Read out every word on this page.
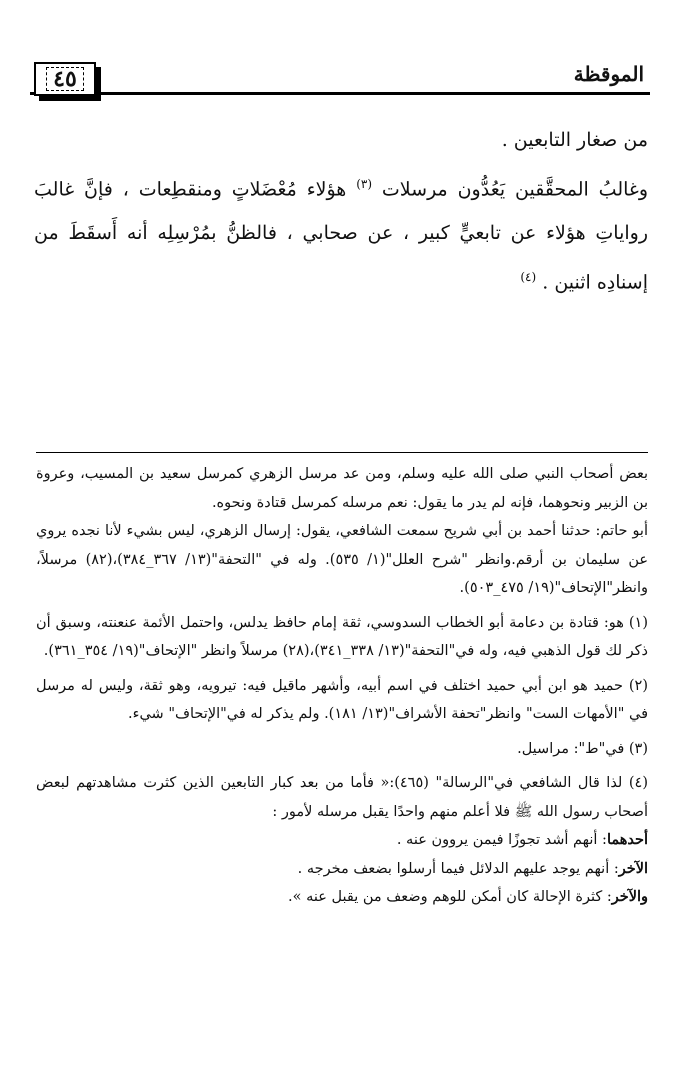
٤٥	الموقظة

من صغار التابعين .

وغالبُ المحقَّقين يَعُدُّون مرسلات $^{(٣)}$ هؤلاء مُعْضَلاتٍ ومنقطِعات ، فإنَّ غالبَ رواياتِ هؤلاء عن تابعيٍّ كبير ، عن صحابي ، فالظنُّ بمُرْسِلِه أنه أَسقَطَ من إسنادِه اثنين . $^{(٤)}$

بعض أصحاب النبي صلى الله عليه وسلم، ومن عد مرسل الزهري كمرسل سعيد بن المسيب، وعروة بن الزبير ونحوهما، فإنه لم يدر ما يقول: نعم مرسله كمرسل قتادة ونحوه.

أبو حاتم: حدثنا أحمد بن أبي شريح سمعت الشافعي، يقول: إرسال الزهري، ليس بشيء لأنا نجده يروي عن سليمان بن أرقم.وانظر "شرح العلل"(١/ ٥٣٥). وله في "التحفة"(١٣/ ٣٦٧_٣٨٤)،(٨٢) مرسلاً، وانظر"الإتحاف"(١٩/ ٤٧٥_٥٠٣).

(١) هو: قتادة بن دعامة أبو الخطاب السدوسي، ثقة إمام حافظ يدلس، واحتمل الأئمة عنعنته، وسبق أن ذكر لك قول الذهبي فيه، وله في"التحفة"(١٣/ ٣٣٨_٣٤١)،(٢٨) مرسلاً وانظر "الإتحاف"(١٩/ ٣٥٤_٣٦١).

(٢) حميد هو ابن أبي حميد اختلف في اسم أبيه، وأشهر ماقيل فيه: تيرويه، وهو ثقة، وليس له مرسل في "الأمهات الست" وانظر"تحفة الأشراف"(١٣/ ١٨١). ولم يذكر له في"الإتحاف" شيء.

(٣) في"ط": مراسيل.

(٤) لذا قال الشافعي في"الرسالة" (٤٦٥):« فأما من بعد كبار التابعين الذين كثرت مشاهدتهم لبعض أصحاب رسول الله ﷺ فلا أعلم منهم واحدًا يقبل مرسله لأمور :

أحدهما: أنهم أشد تجوزًا فيمن يروون عنه .

الآخر: أنهم يوجد عليهم الدلائل فيما أرسلوا بضعف مخرجه .

والآخر: كثرة الإحالة كان أمكن للوهم وضعف من يقبل عنه ».
